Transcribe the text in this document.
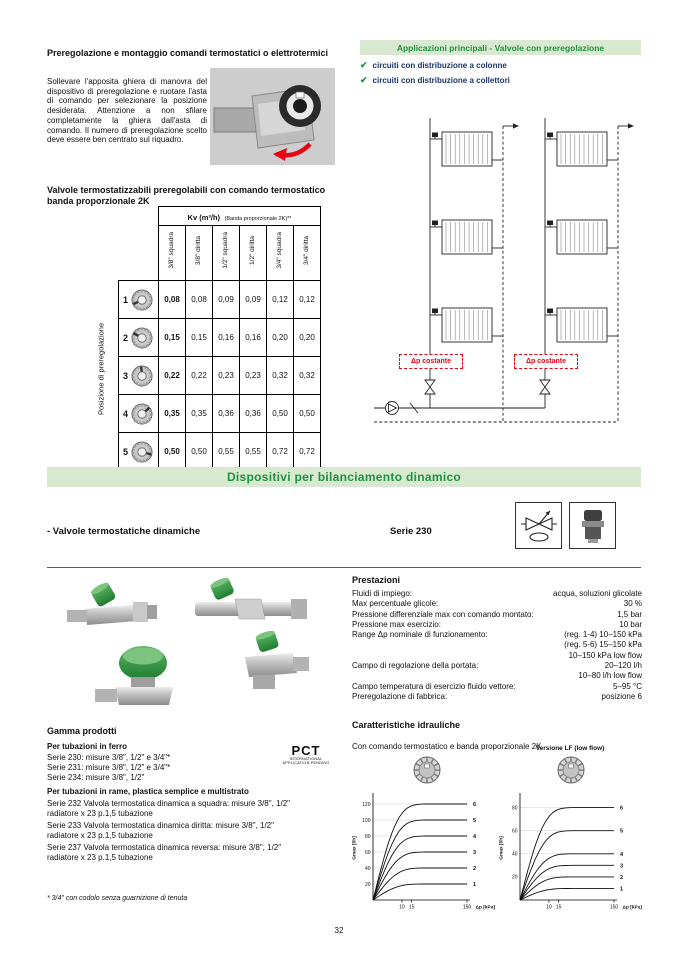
Preregolazione e montaggio comandi termostatici o elettrotermici

Sollevare l'apposita ghiera di manovra del dispositivo di preregolazione e ruotare l'asta di comando per selezionare la posizione desiderata. Attenzione a non sfilare completamente la ghiera dall'asta di comando. Il numero di preregolazione scelto deve essere ben centrato sul riquadro.

Valvole termostatizzabili preregolabili con comando termostatico banda proporzionale 2K
Posizione di preregolazione
	Kv (m³/h) (Banda proporzionale 2K)**					
	3/8" squadra	3/8" diritta	1/2" squadra	1/2" diritta	3/4" squadra	3/4" diritta

1	0,08	0,08	0,09	0,09	0,12	0,12

2	0,15	0,15	0,16	0,16	0,20	0,20

3	0,22	0,22	0,23	0,23	0,32	0,32

4	0,35	0,35	0,36	0,36	0,50	0,50

5	0,50	0,50	0,55	0,55	0,72	0,72
Applicazioni principali - Valvole con preregolazione
✔ circuiti con distribuzione a colonne
✔ circuiti con distribuzione a collettori
Δp costante	Δp costante
Dispositivi per bilanciamento dinamico
- Valvole termostatiche dinamiche	Serie 230
Gamma prodotti
Per tubazioni in ferro
Serie 230: misure 3/8", 1/2" e 3/4"*
Serie 231: misure 3/8", 1/2" e 3/4"*
Serie 234: misure 3/8", 1/2"
Per tubazioni in rame, plastica semplice e multistrato
Serie 232 Valvola termostatica dinamica a squadra: misure 3/8", 1/2" radiatore x 23 p.1,5 tubazione
Serie 233 Valvola termostatica dinamica diritta: misure 3/8", 1/2" radiatore x 23 p.1,5 tubazione
Serie 237 Valvola termostatica dinamica reversa: misure 3/8", 1/2" radiatore x 23 p.1,5 tubazione
* 3/4" con codolo senza guarnizione di tenuta
PCT
INTERNATIONAL APPLICATION PENDING
Prestazioni
Fluidi di impiego:	acqua, soluzioni glicolate
Max percentuale glicole:	30 %
Pressione differenziale max con comando montato:	1,5 bar
Pressione max esercizio:	10 bar
Range Δp nominale di funzionamento:	(reg. 1-4) 10–150 kPa
(reg. 5-6) 15–150 kPa
10–150 kPa low flow
Campo di regolazione della portata:	20–120 l/h
10–80 l/h low flow
Campo temperatura di esercizio fluido vettore:	5–95 °C
Preregolazione di fabbrica:	posizione 6
Caratteristiche idrauliche
Con comando termostatico e banda proporzionale 2K
Versione LF (low flow)
20
40
60
80
100
120
10 15	150 Δp [kPa]
Gmax [l/h]
1
2
3
4
5
6
20
40
60
80
10 15	150 Δp [kPa]
Gmax [l/h]
1
2
3
4
5
6
32
